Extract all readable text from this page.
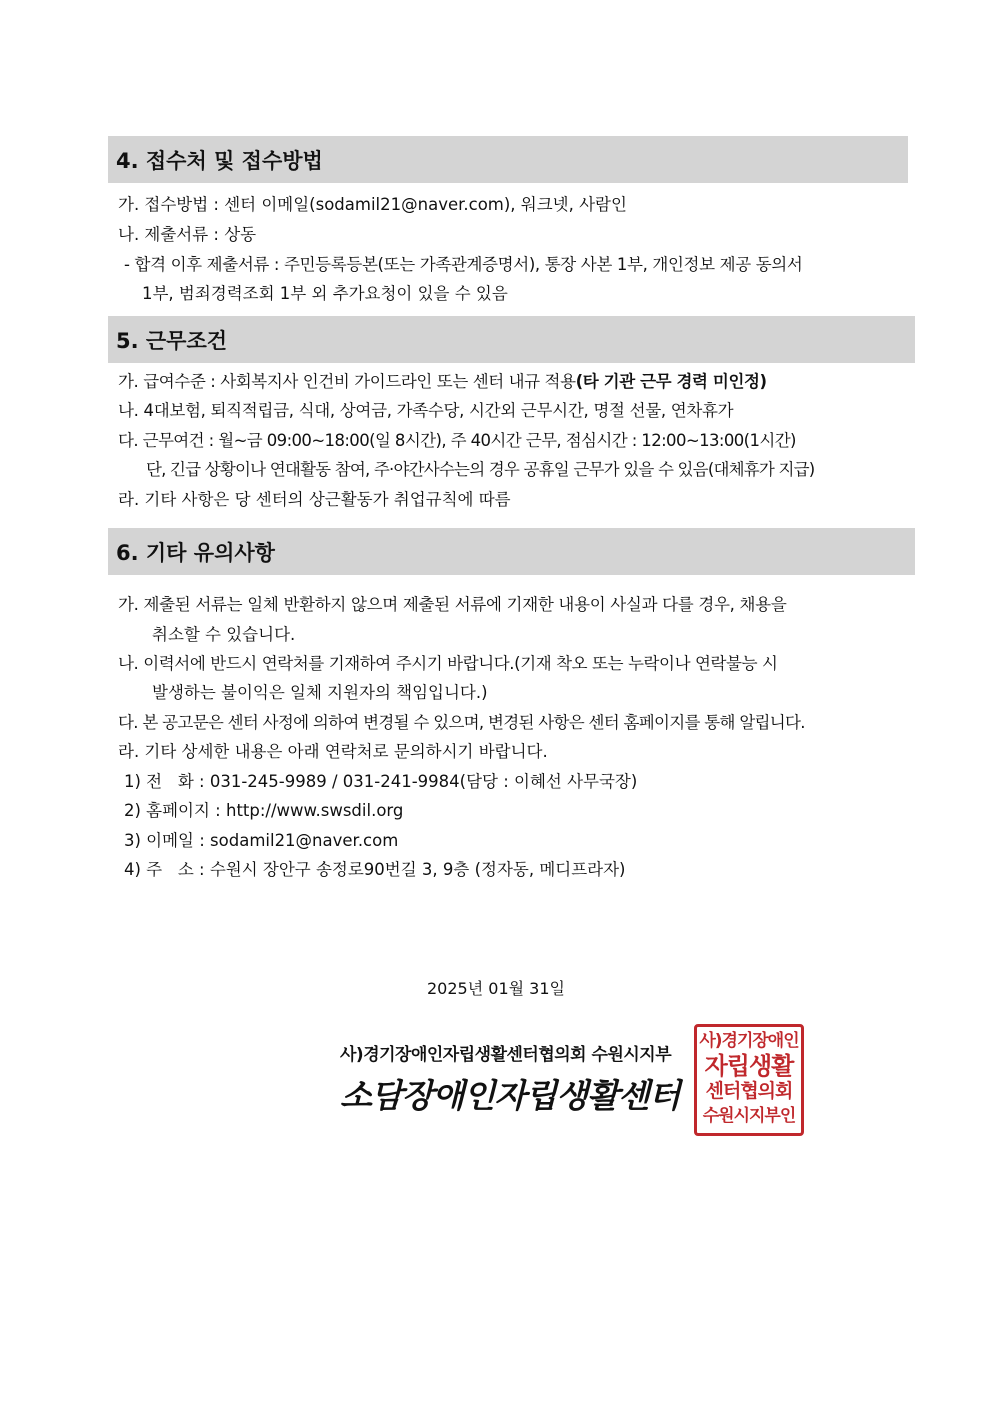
4. 접수처 및 접수방법
가. 접수방법 : 센터 이메일(sodamil21@naver.com), 워크넷, 사람인
나. 제출서류 : 상동
- 합격 이후 제출서류 : 주민등록등본(또는 가족관계증명서), 통장 사본 1부, 개인정보 제공 동의서
1부, 범죄경력조회 1부 외 추가요청이 있을 수 있음
5. 근무조건
가. 급여수준 : 사회복지사 인건비 가이드라인 또는 센터 내규 적용(타 기관 근무 경력 미인정)
나. 4대보험, 퇴직적립금, 식대, 상여금, 가족수당, 시간외 근무시간, 명절 선물, 연차휴가
다. 근무여건 : 월~금 09:00~18:00(일 8시간), 주 40시간 근무, 점심시간 : 12:00~13:00(1시간)
단, 긴급 상황이나 연대활동 참여, 주·야간사수는의 경우 공휴일 근무가 있을 수 있음(대체휴가 지급)
라. 기타 사항은 당 센터의 상근활동가 취업규칙에 따름
6. 기타 유의사항
가. 제출된 서류는 일체 반환하지 않으며 제출된 서류에 기재한 내용이 사실과 다를 경우, 채용을
취소할 수 있습니다.
나. 이력서에 반드시 연락처를 기재하여 주시기 바랍니다.(기재 착오 또는 누락이나 연락불능 시
발생하는 불이익은 일체 지원자의 책임입니다.)
다. 본 공고문은 센터 사정에 의하여 변경될 수 있으며, 변경된 사항은 센터 홈페이지를 통해 알립니다.
라. 기타 상세한 내용은 아래 연락처로 문의하시기 바랍니다.
1) 전   화 : 031-245-9989 / 031-241-9984(담당 : 이혜선 사무국장)
2) 홈페이지 : http://www.swsdil.org
3) 이메일 : sodamil21@naver.com
4) 주   소 : 수원시 장안구 송정로90번길 3, 9층 (정자동, 메디프라자)
2025년 01월 31일
사)경기장애인자립생활센터협의회 수원시지부
소담장애인자립생활센터
사)경기장애인
자립생활
센터협의회
수원시지부인
